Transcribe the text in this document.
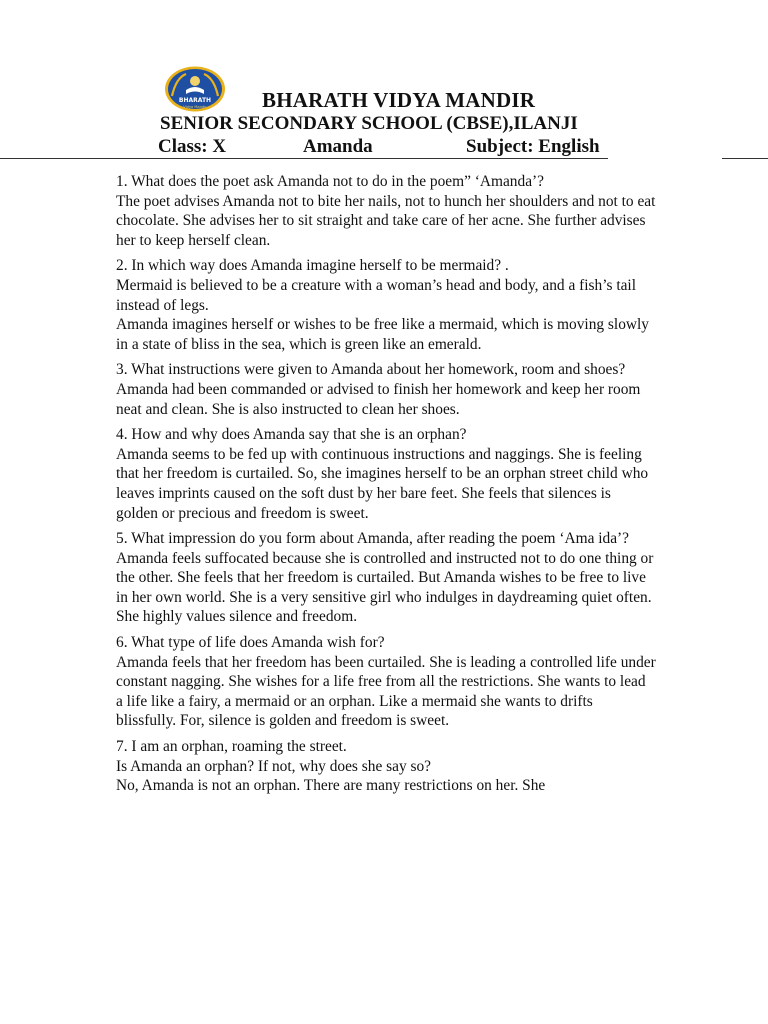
BHARATH
Vidya Mandir	BHARATH VIDYA MANDIR
SENIOR SECONDARY SCHOOL (CBSE),ILANJI
Class: X	Amanda	Subject: English

1. What does the poet ask Amanda not to do in the poem” ‘Amanda’?

The poet advises Amanda not to bite her nails, not to hunch her shoulders and not to eat chocolate. She advises her to sit straight and take care of her acne. She further advises her to keep herself clean.

2. In which way does Amanda imagine herself to be mermaid? .

Mermaid is believed to be a creature with a woman’s head and body, and a fish’s tail instead of legs.

Amanda imagines herself or wishes to be free like a mermaid, which is moving slowly in a state of bliss in the sea, which is green like an emerald.

3. What instructions were given to Amanda about her homework, room and shoes?

Amanda had been commanded or advised to finish her homework and keep her room neat and clean. She is also instructed to clean her shoes.

4. How and why does Amanda say that she is an orphan?

Amanda seems to be fed up with continuous instructions and naggings. She is feeling that her freedom is curtailed. So, she imagines herself to be an orphan street child who leaves imprints caused on the soft dust by her bare feet. She feels that silences is golden or precious and freedom is sweet.

5. What impression do you form about Amanda, after reading the poem ‘Ama ida’?

Amanda feels suffocated because she is controlled and instructed not to do one thing or the other. She feels that her freedom is curtailed. But Amanda wishes to be free to live in her own world. She is a very sensitive girl who indulges in daydreaming quiet often. She highly values silence and freedom.

6. What type of life does Amanda wish for?

Amanda feels that her freedom has been curtailed. She is leading a controlled life under constant nagging. She wishes for a life free from all the restrictions. She wants to lead a life like a fairy, a mermaid or an orphan. Like a mermaid she wants to drifts blissfully. For, silence is golden and freedom is sweet.

7. I am an orphan, roaming the street.

Is Amanda an orphan? If not, why does she say so?

No, Amanda is not an orphan. There are many restrictions on her. She
